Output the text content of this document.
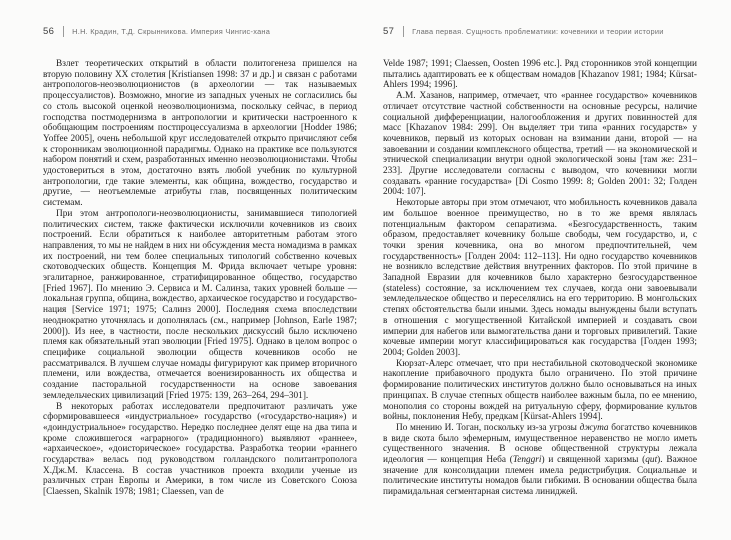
56 Н.Н. Крадин, Т.Д. Скрынникова. Империя Чингис-хана

Взлет теоретических открытий в области политогенеза пришелся на вторую половину XX столетия [Kristiansen 1998: 37 и др.] и связан с работами антропологов-неоэволюционистов (в археологии — так называемых процессуалистов). Возможно, многие из западных ученых не согласились бы со столь высокой оценкой неоэволюционизма, поскольку сейчас, в период господства постмодернизма в антропологии и критически настроенного к обобщающим построениям постпроцессуализма в археологии [Hodder 1986; Yoffee 2005], очень небольшой круг исследователей открыто причисляют себя к сторонникам эволюционной парадигмы. Однако на практике все пользуются набором понятий и схем, разработанных именно неоэволюционистами. Чтобы удостовериться в этом, достаточно взять любой учебник по культурной антропологии, где такие элементы, как община, вождество, государство и другие, — неотъемлемые атрибуты глав, посвященных политическим системам.

При этом антропологи-неоэволюционисты, занимавшиеся типологией политических систем, также фактически исключили кочевников из своих построений. Если обратиться к наиболее авторитетным работам этого направления, то мы не найдем в них ни обсуждения места номадизма в рамках их построений, ни тем более специальных типологий собственно кочевых скотоводческих обществ. Концепция М. Фрида включает четыре уровня: эгалитарное, ранжированное, стратифицированное общество, государство [Fried 1967]. По мнению Э. Сервиса и М. Салинза, таких уровней больше — локальная группа, община, вождество, архаическое государство и государство-нация [Service 1971; 1975; Салинз 2000]. Последняя схема впоследствии неоднократно уточнялась и дополнялась (см., например [Johnson, Earle 1987; 2000]). Из нее, в частности, после нескольких дискуссий было исключено племя как обязательный этап эволюции [Fried 1975]. Однако в целом вопрос о специфике социальной эволюции обществ кочевников особо не рассматривался. В лучшем случае номады фигурируют как пример вторичного племени, или вождества, отмечается военизированность их общества и создание пасторальной государственности на основе завоевания земледельческих цивилизаций [Fried 1975: 139, 263–264, 294–301].

В некоторых работах исследователи предпочитают различать уже сформировавшееся «индустриальное» государство («государство-нация») и «доиндустриальное» государство. Нередко последнее делят еще на два типа и кроме сложившегося «аграрного» (традиционного) выявляют «раннее», «архаическое», «доисторическое» государства. Разработка теории «раннего государства» велась под руководством голландского политантрополога Х.Дж.М. Классена. В состав участников проекта входили ученые из различных стран Европы и Америки, в том числе из Советского Союза [Claessen, Skalnik 1978; 1981; Claessen, van de

57 Глава первая. Сущность проблематики: кочевники и теории истории

Velde 1987; 1991; Claessen, Oosten 1996 etc.]. Ряд сторонников этой концепции пытались адаптировать ее к обществам номадов [Khazanov 1981; 1984; Kürsat-Ahlers 1994; 1996].

А.М. Хазанов, например, отмечает, что «раннее государство» кочевников отличает отсутствие частной собственности на основные ресурсы, наличие социальной дифференциации, налогообложения и других повинностей для масс [Khazanov 1984: 299]. Он выделяет три типа «ранних государств» у кочевников, первый из которых основан на взимании дани, второй — на завоевании и создании комплексного общества, третий — на экономической и этнической специализации внутри одной экологической зоны [там же: 231–233]. Другие исследователи согласны с выводом, что кочевники могли создавать «ранние государства» [Di Cosmo 1999: 8; Golden 2001: 32; Голден 2004: 107].

Некоторые авторы при этом отмечают, что мобильность кочевников давала им большое военное преимущество, но в то же время являлась потенциальным фактором сепаратизма. «Безгосударственность, таким образом, предоставляет кочевнику больше свободы, чем государство, и, с точки зрения кочевника, она во многом предпочтительней, чем государственность» [Голден 2004: 112–113]. Ни одно государство кочевников не возникло вследствие действия внутренних факторов. По этой причине в Западной Евразии для кочевников было характерно безгосударственное (stateless) состояние, за исключением тех случаев, когда они завоевывали земледельческое общество и переселялись на его территорию. В монгольских степях обстоятельства были иными. Здесь номады вынуждены были вступать в отношения с могущественной Китайской империей и создавать свои империи для набегов или вымогательства дани и торговых привилегий. Такие кочевые империи могут классифицироваться как государства [Голден 1993; 2004; Golden 2003].

Кюрзат-Алерс отмечает, что при нестабильной скотоводческой экономике накопление прибавочного продукта было ограничено. По этой причине формирование политических институтов должно было основываться на иных принципах. В случае степных обществ наиболее важным была, по ее мнению, монополия со стороны вождей на ритуальную сферу, формирование культов войны, поклонения Небу, предкам [Kürsat-Ahlers 1994].

По мнению И. Тоган, поскольку из-за угрозы джута богатство кочевников в виде скота было эфемерным, имущественное неравенство не могло иметь существенного значения. В основе общественной структуры лежала идеология — концепция Неба (Tenggri) и священной харизмы (qut). Важное значение для консолидации племен имела редистрибуция. Социальные и политические институты номадов были гибкими. В основании общества была пирамидальная сегментарная система линиджей.
